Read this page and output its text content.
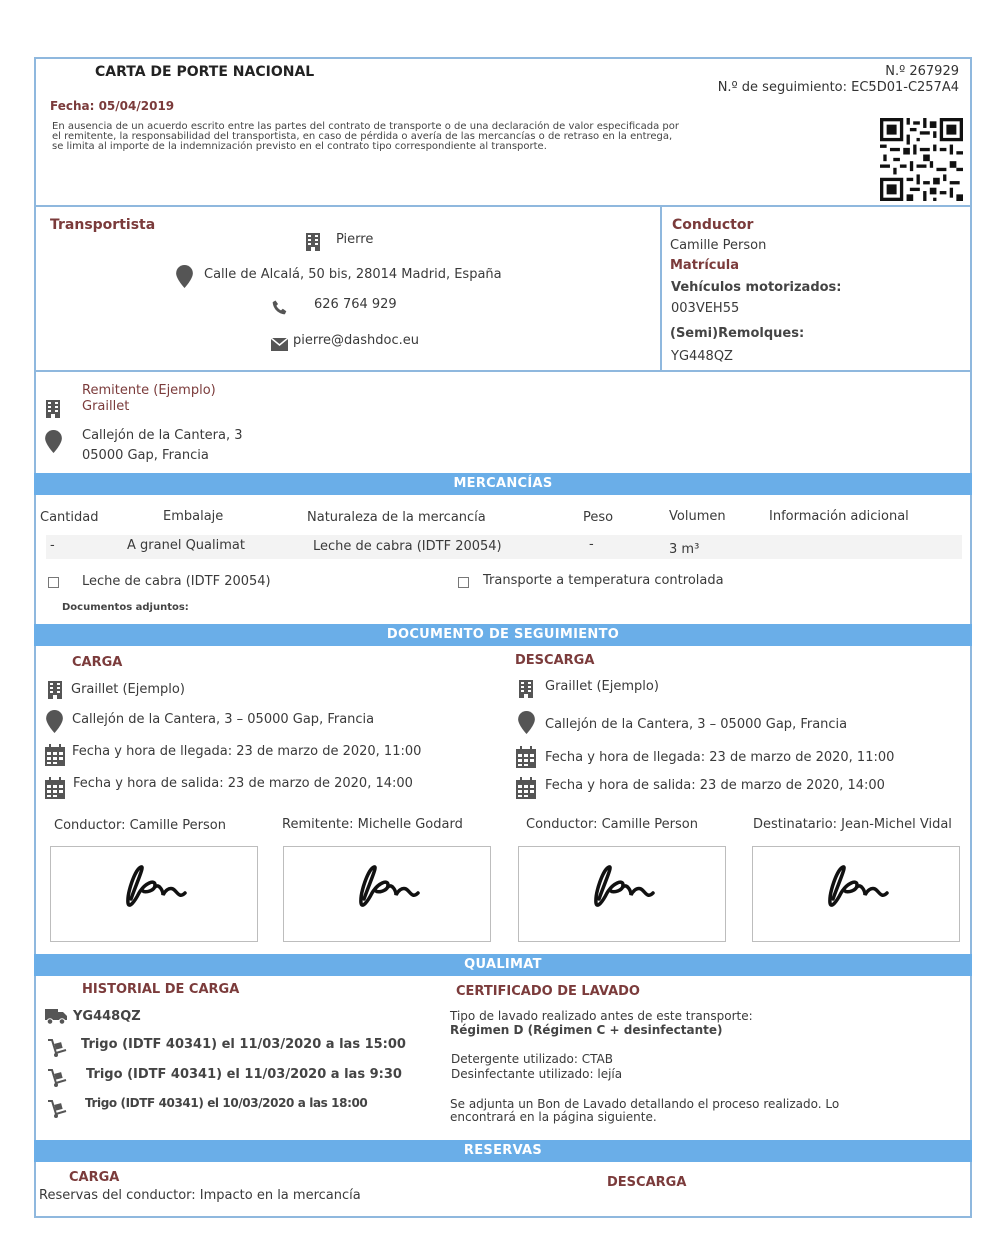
CARTA DE PORTE NACIONAL	N.º 267929
N.º de seguimiento: EC5D01-C257A4
Fecha: 05/04/2019
En ausencia de un acuerdo escrito entre las partes del contrato de transporte o de una declaración de valor especificada por el remitente, la responsabilidad del transportista, en caso de pérdida o avería de las mercancías o de retraso en la entrega, se limita al importe de la indemnización previsto en el contrato tipo correspondiente al transporte.
Transportista
Pierre
Calle de Alcalá, 50 bis, 28014 Madrid, España
626 764 929
pierre@dashdoc.eu
Conductor
Camille Person
Matrícula
Vehículos motorizados:
003VEH55
(Semi)Remolques:
YG448QZ
Remitente (Ejemplo)
Graillet
Callejón de la Cantera, 3
05000 Gap, Francia
MERCANCÍAS
Cantidad	Embalaje	Naturaleza de la mercancía	Peso	Volumen	Información adicional
-	A granel Qualimat	Leche de cabra (IDTF 20054)	-	3 m³
Leche de cabra (IDTF 20054)	Transporte a temperatura controlada
Documentos adjuntos:
DOCUMENTO DE SEGUIMIENTO
CARGA
Graillet (Ejemplo)
Callejón de la Cantera, 3 – 05000 Gap, Francia
Fecha y hora de llegada: 23 de marzo de 2020, 11:00
Fecha y hora de salida: 23 de marzo de 2020, 14:00
DESCARGA
Graillet (Ejemplo)
Callejón de la Cantera, 3 – 05000 Gap, Francia
Fecha y hora de llegada: 23 de marzo de 2020, 11:00
Fecha y hora de salida: 23 de marzo de 2020, 14:00
Conductor: Camille Person	Remitente: Michelle Godard	Conductor: Camille Person	Destinatario: Jean-Michel Vidal
QUALIMAT
HISTORIAL DE CARGA
YG448QZ
Trigo (IDTF 40341) el 11/03/2020 a las 15:00
Trigo (IDTF 40341) el 11/03/2020 a las 9:30
Trigo (IDTF 40341) el 10/03/2020 a las 18:00
CERTIFICADO DE LAVADO
Tipo de lavado realizado antes de este transporte:
Régimen D (Régimen C + desinfectante)
Detergente utilizado: CTAB
Desinfectante utilizado: lejía
Se adjunta un Bon de Lavado detallando el proceso realizado. Lo encontrará en la página siguiente.
RESERVAS
CARGA
Reservas del conductor: Impacto en la mercancía
DESCARGA
